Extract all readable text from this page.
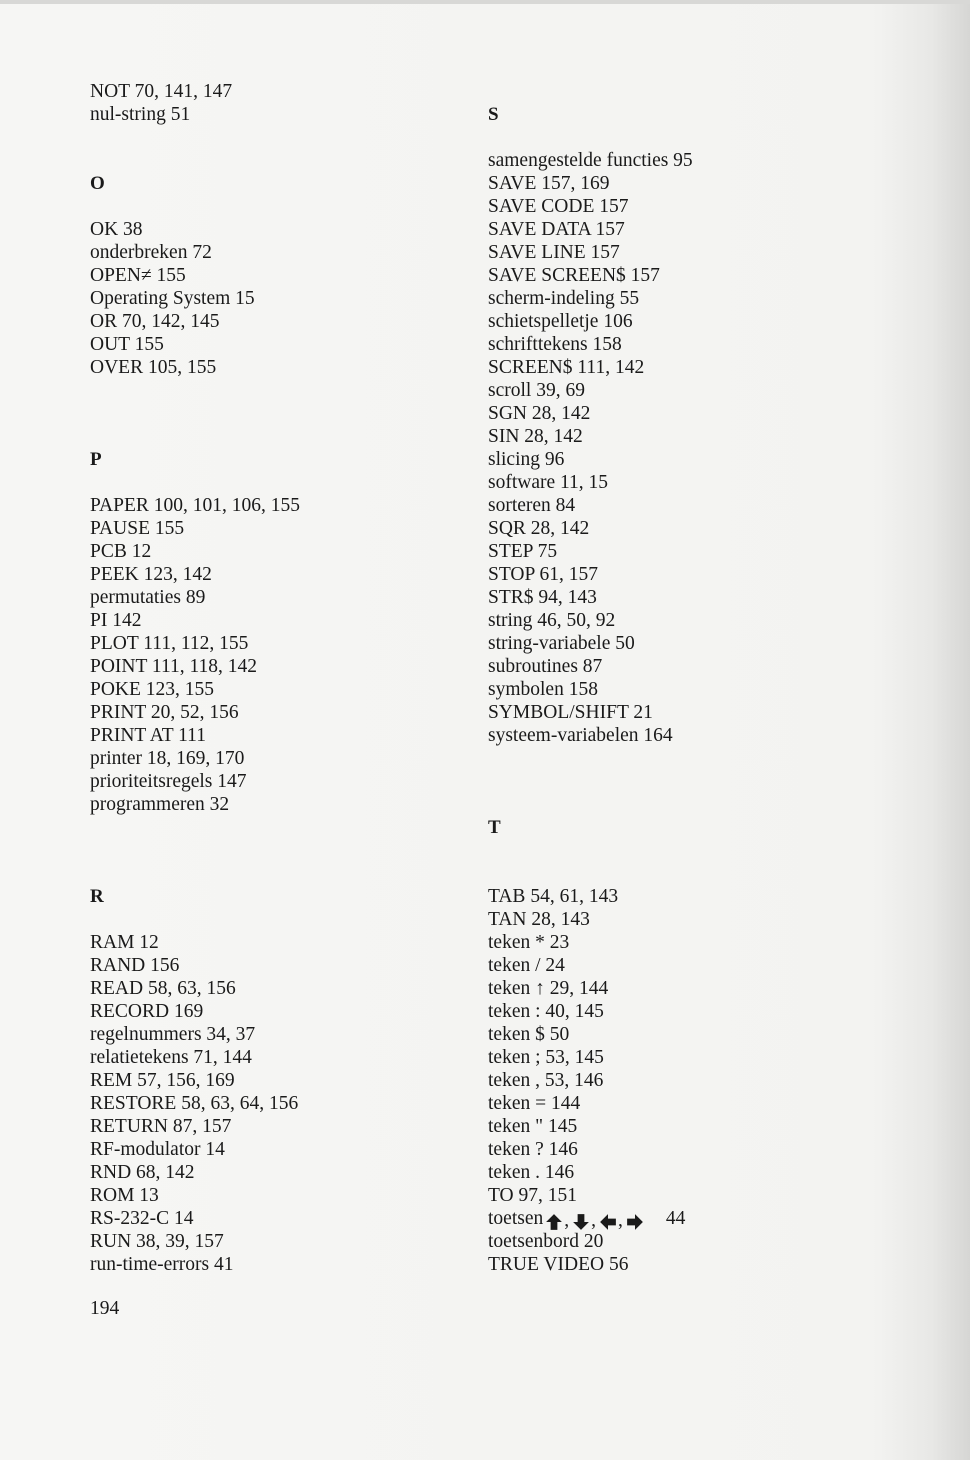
NOT 70, 141, 147
nul-string 51
O
OK 38
onderbreken 72
OPEN≠ 155
Operating System 15
OR 70, 142, 145
OUT 155
OVER 105, 155
P
PAPER 100, 101, 106, 155
PAUSE 155
PCB 12
PEEK 123, 142
permutaties 89
PI 142
PLOT 111, 112, 155
POINT 111, 118, 142
POKE 123, 155
PRINT 20, 52, 156
PRINT AT 111
printer 18, 169, 170
prioriteitsregels 147
programmeren 32
R
RAM 12
RAND 156
READ 58, 63, 156
RECORD 169
regelnummers 34, 37
relatietekens 71, 144
REM 57, 156, 169
RESTORE 58, 63, 64, 156
RETURN 87, 157
RF-modulator 14
RND 68, 142
ROM 13
RS-232-C 14
RUN 38, 39, 157
run-time-errors 41
S
samengestelde functies 95
SAVE 157, 169
SAVE CODE 157
SAVE DATA 157
SAVE LINE 157
SAVE SCREEN$ 157
scherm-indeling 55
schietspelletje 106
schrifttekens 158
SCREEN$ 111, 142
scroll 39, 69
SGN 28, 142
SIN 28, 142
slicing 96
software 11, 15
sorteren 84
SQR 28, 142
STEP 75
STOP 61, 157
STR$ 94, 143
string 46, 50, 92
string-variabele 50
subroutines 87
symbolen 158
SYMBOL/SHIFT 21
systeem-variabelen 164
T
TAB 54, 61, 143
TAN 28, 143
teken * 23
teken / 24
teken ↑ 29, 144
teken : 40, 145
teken $ 50
teken ; 53, 145
teken , 53, 146
teken = 144
teken " 145
teken ? 146
teken . 146
TO 97, 151
toetsen , , , 44
toetsenbord 20
TRUE VIDEO 56
194
